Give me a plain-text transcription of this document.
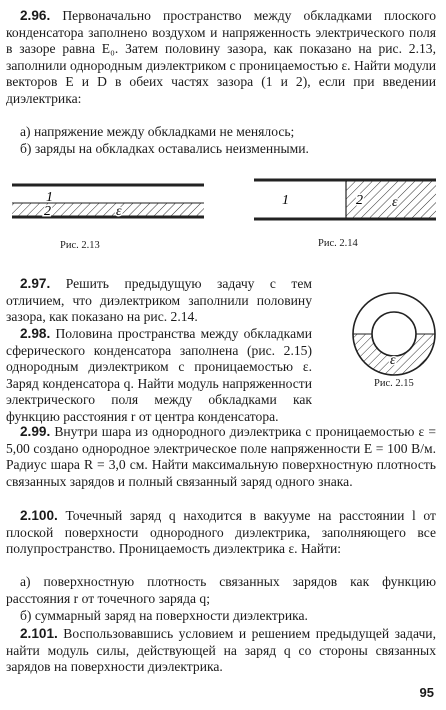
2.96. Первоначально пространство между обкладками плоского конденсатора заполнено воздухом и напряженность электрического поля в зазоре равна E₀. Затем половину зазора, как показано на рис. 2.13, заполнили однородным диэлектриком с проницаемостью ε. Найти модули векторов E и D в обеих частях зазора (1 и 2), если при введении диэлектрика:

а) напряжение между обкладками не менялось;

б) заряды на обкладках оставались неизменными.

1
2	ε
Рис. 2.13
1	2 ε
Рис. 2.14

2.97. Решить предыдущую задачу с тем отличием, что диэлектриком заполнили половину зазора, как показано на рис. 2.14.

2.98. Половина пространства между обкладками сферического конденсатора заполнена (рис. 2.15) однородным диэлектриком с проницаемостью ε. Заряд конденсатора q. Найти модуль напряженности электрического поля между обкладками как функцию расстояния r от центра конденсатора.

ε
Рис. 2.15

2.99. Внутри шара из однородного диэлектрика с проницаемостью ε = 5,00 создано однородное электрическое поле напряженности E = 100 В/м. Радиус шара R = 3,0 см. Найти максимальную поверхностную плотность связанных зарядов и полный связанный заряд одного знака.

2.100. Точечный заряд q находится в вакууме на расстоянии l от плоской поверхности однородного диэлектрика, заполняющего все полупространство. Проницаемость диэлектрика ε. Найти:

а) поверхностную плотность связанных зарядов как функцию расстояния r от точечного заряда q;

б) суммарный заряд на поверхности диэлектрика.

2.101. Воспользовавшись условием и решением предыдущей задачи, найти модуль силы, действующей на заряд q со стороны связанных зарядов на поверхности диэлектрика.

95
